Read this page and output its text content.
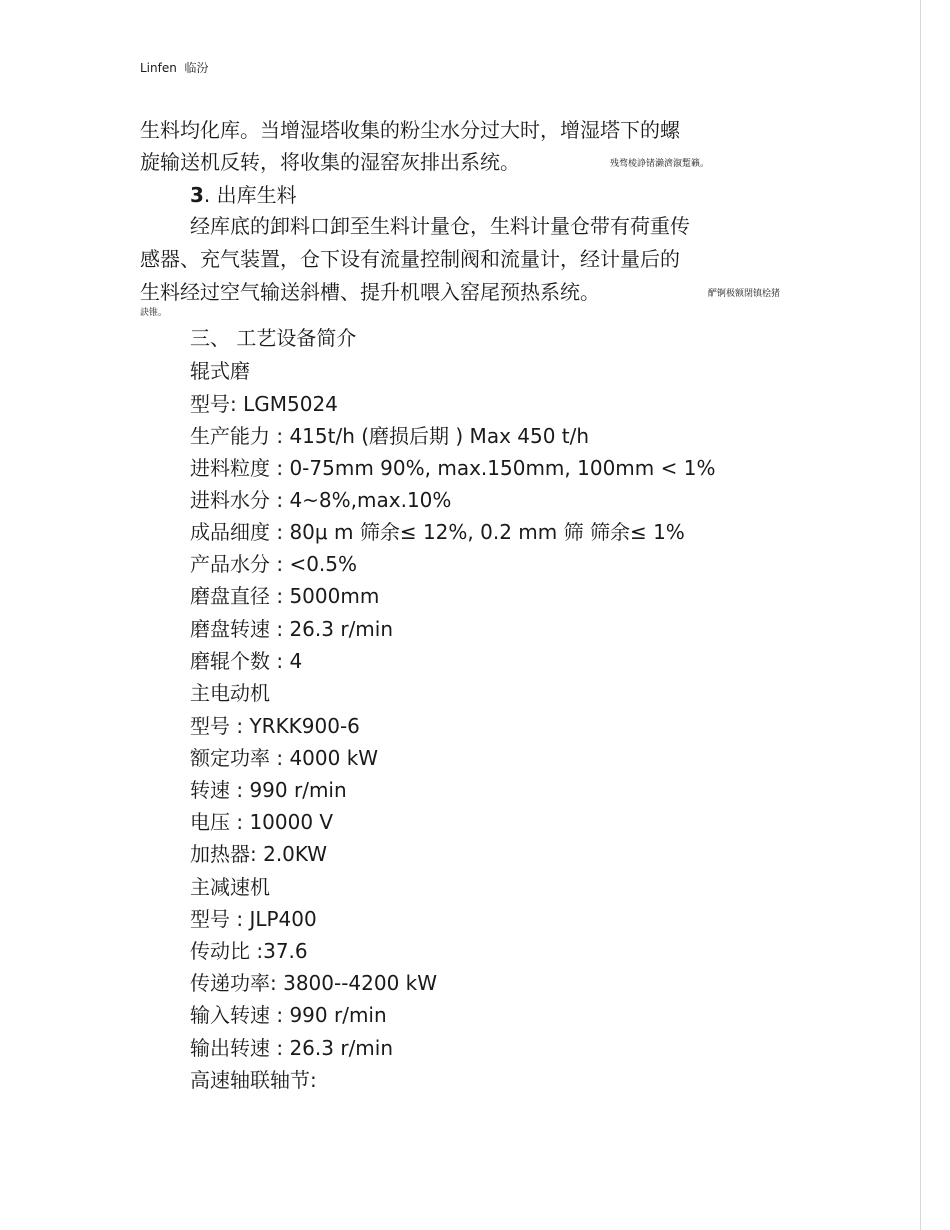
Linfen 临汾
生料均化库。当增湿塔收集的粉尘水分过大时，增湿塔下的螺
旋输送机反转，将收集的湿窑灰排出系统。	残骛棱諍锗濑濟溆蹔籟。
3. 出库生料
经库底的卸料口卸至生料计量仓，生料计量仓带有荷重传
感器、充气装置，仓下设有流量控制阀和流量计，经计量后的
生料经过空气输送斜槽、提升机喂入窑尾预热系统。	酽锕极额閉镇桧猪
訣锥。
三、 工艺设备简介
辊式磨
型号: LGM5024
生产能力 : 415t/h (磨损后期 ) Max 450 t/h
进料粒度 : 0-75mm 90%, max.150mm, 100mm < 1%
进料水分 : 4~8%,max.10%
成品细度 : 80μ m 筛余≤ 12%, 0.2 mm 筛 筛余≤ 1%
产品水分 : <0.5%
磨盘直径 : 5000mm
磨盘转速 : 26.3 r/min
磨辊个数 : 4
主电动机
型号 : YRKK900-6
额定功率 : 4000 kW
转速 : 990 r/min
电压 : 10000 V
加热器: 2.0KW
主减速机
型号 : JLP400
传动比 :37.6
传递功率: 3800--4200 kW
输入转速 : 990 r/min
输出转速 : 26.3 r/min
高速轴联轴节:
